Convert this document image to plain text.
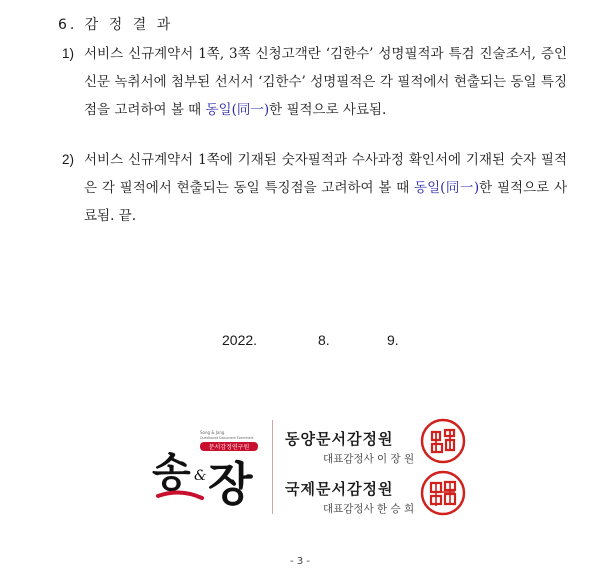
6. 감 정 결 과
1) 서비스 신규계약서 1쪽, 3쪽 신청고객란 ‘김한수’ 성명필적과 특검 진술조서, 증인신문 녹취서에 첨부된 선서서 ‘김한수’ 성명필적은 각 필적에서 현출되는 동일 특징점을 고려하여 볼 때 동일(同一)한 필적으로 사료됨.
2) 서비스 신규계약서 1쪽에 기재된 숫자필적과 수사과정 확인서에 기재된 숫자 필적은 각 필적에서 현출되는 동일 특징점을 고려하여 볼 때 동일(同一)한 필적으로 사료됨. 끝.
2022.	8.	9.
Song & Jang
Questioned Document Examiners
문서감정연구원
송 & 장
동양문서감정원
대표감정사 이 장 원
국제문서감정원
대표감정사 한 승 희
- 3 -
